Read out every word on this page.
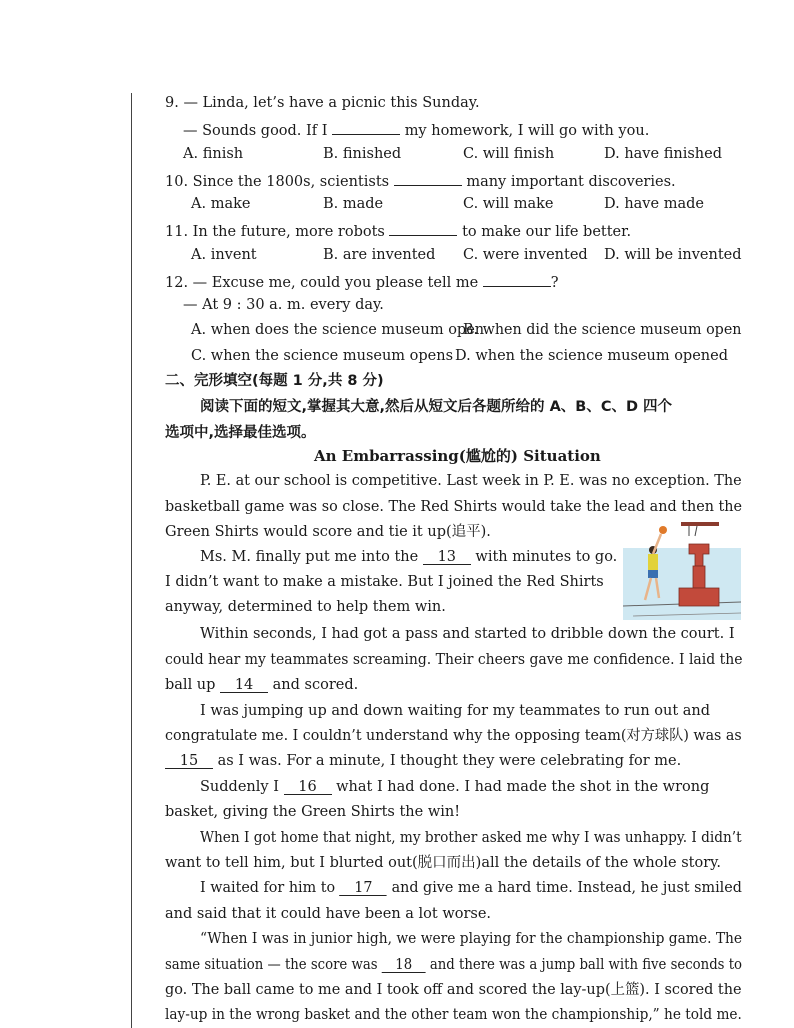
9. — Linda, let’s have a picnic this Sunday.
— Sounds good. If I	my homework, I will go with you.
A. finish	B. finished	C. will finish	D. have finished
10. Since the 1800s, scientists	many important discoveries.
A. make	B. made	C. will make	D. have made
11. In the future, more robots	to make our life better.
A. invent	B. are invented C. were invented D. will be invented
12. — Excuse me, could you please tell me	?
— At 9 : 30 a. m. every day.
A. when does the science museum open
B. when did the science museum open
C. when the science museum opens D. when the science museum opened
二、完形填空(每题 1 分,共 8 分)
阅读下面的短文,掌握其大意,然后从短文后各题所给的 A、B、C、D 四个
选项中,选择最佳选项。
An Embarrassing(尴尬的) Situation
P. E. at our school is competitive. Last week in P. E. was no exception. The
basketball game was so close. The Red Shirts would take the lead and then the
Green Shirts would score and tie it up(追平).
Ms. M. finally put me into the 13 with minutes to go.
I didn’t want to make a mistake. But I joined the Red Shirts
anyway, determined to help them win.
Within seconds, I had got a pass and started to dribble down the court. I
could hear my teammates screaming. Their cheers gave me confidence. I laid the
ball up 14 and scored.
I was jumping up and down waiting for my teammates to run out and
congratulate me. I couldn’t understand why the opposing team(对方球队) was as
15 as I was. For a minute, I thought they were celebrating for me.
Suddenly I 16 what I had done. I had made the shot in the wrong
basket, giving the Green Shirts the win!
When I got home that night, my brother asked me why I was unhappy. I didn’t
want to tell him, but I blurted out(脱口而出)all the details of the whole story.
I waited for him to 17 and give me a hard time. Instead, he just smiled
and said that it could have been a lot worse.
“When I was in junior high, we were playing for the championship game. The
same situation — the score was 18 and there was a jump ball with five seconds to
go. The ball came to me and I took off and scored the lay-up(上篮). I scored the
lay-up in the wrong basket and the other team won the championship,” he told me.
